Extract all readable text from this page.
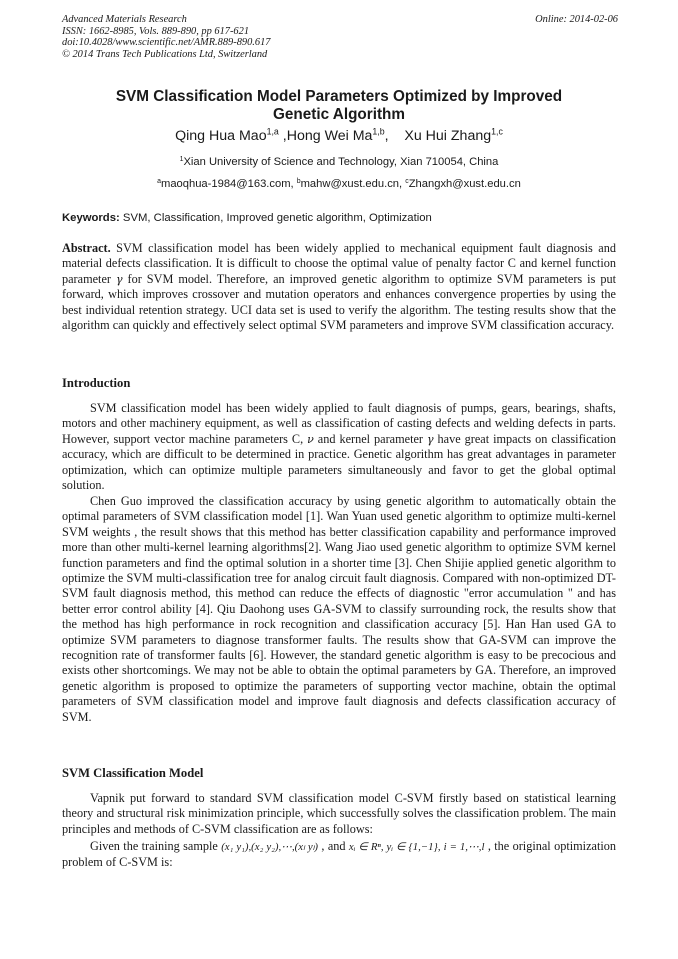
Advanced Materials Research
ISSN: 1662-8985, Vols. 889-890, pp 617-621
doi:10.4028/www.scientific.net/AMR.889-890.617
© 2014 Trans Tech Publications Ltd, Switzerland
Online: 2014-02-06
SVM Classification Model Parameters Optimized by Improved
Genetic Algorithm
Qing Hua Mao$^{1,a}$ ,Hong Wei Ma$^{1,b}$,    Xu Hui Zhang$^{1,c}$
$^1$Xian University of Science and Technology, Xian 710054, China
$^a$maoqhua-1984@163.com, $^b$mahw@xust.edu.cn, $^c$Zhangxh@xust.edu.cn
Keywords: SVM, Classification, Improved genetic algorithm, Optimization
Abstract. SVM classification model has been widely applied to mechanical equipment fault diagnosis and material defects classification. It is difficult to choose the optimal value of penalty factor C and kernel function parameter γ for SVM model. Therefore, an improved genetic algorithm to optimize SVM parameters is put forward, which improves crossover and mutation operators and enhances convergence properties by using the best individual retention strategy. UCI data set is used to verify the algorithm. The testing results show that the algorithm can quickly and effectively select optimal SVM parameters and improve SVM classification accuracy.
Introduction
SVM classification model has been widely applied to fault diagnosis of pumps, gears, bearings, shafts, motors and other machinery equipment, as well as classification of casting defects and welding defects in parts. However, support vector machine parameters C, ν and kernel parameter γ have great impacts on classification accuracy, which are difficult to be determined in practice. Genetic algorithm has great advantages in parameter optimization, which can optimize multiple parameters simultaneously and favor to get the global optimal solution.
Chen Guo improved the classification accuracy by using genetic algorithm to automatically obtain the optimal parameters of SVM classification model [1]. Wan Yuan used genetic algorithm to optimize multi-kernel SVM weights , the result shows that this method has better classification capability and performance improved more than other multi-kernel learning algorithms[2]. Wang Jiao used genetic algorithm to optimize SVM kernel function parameters and find the optimal solution in a shorter time [3]. Chen Shijie applied genetic algorithm to optimize the SVM multi-classification tree for analog circuit fault diagnosis. Compared with non-optimized DT-SVM fault diagnosis method, this method can reduce the effects of diagnostic "error accumulation " and has better error control ability [4]. Qiu Daohong uses GA-SVM to classify surrounding rock, the results show that the method has high performance in rock recognition and classification accuracy [5]. Han Han used GA to optimize SVM parameters to diagnose transformer faults. The results show that GA-SVM can improve the recognition rate of transformer faults [6]. However, the standard genetic algorithm is easy to be precocious and exists other shortcomings. We may not be able to obtain the optimal parameters by GA. Therefore, an improved genetic algorithm is proposed to optimize the parameters of supporting vector machine, obtain the optimal parameters of SVM classification model and improve fault diagnosis and defects classification accuracy of SVM.
SVM Classification Model
Vapnik put forward to standard SVM classification model C-SVM firstly based on statistical learning theory and structural risk minimization principle, which successfully solves the classification problem. The main principles and methods of C-SVM classification are as follows:
Given the training sample (x₁ y₁),(x₂ y₂),⋯,(xₗ yₗ) , and xᵢ ∈ Rⁿ, yᵢ ∈ {1,−1}, i = 1,⋯,l , the original optimization problem of C-SVM is:
